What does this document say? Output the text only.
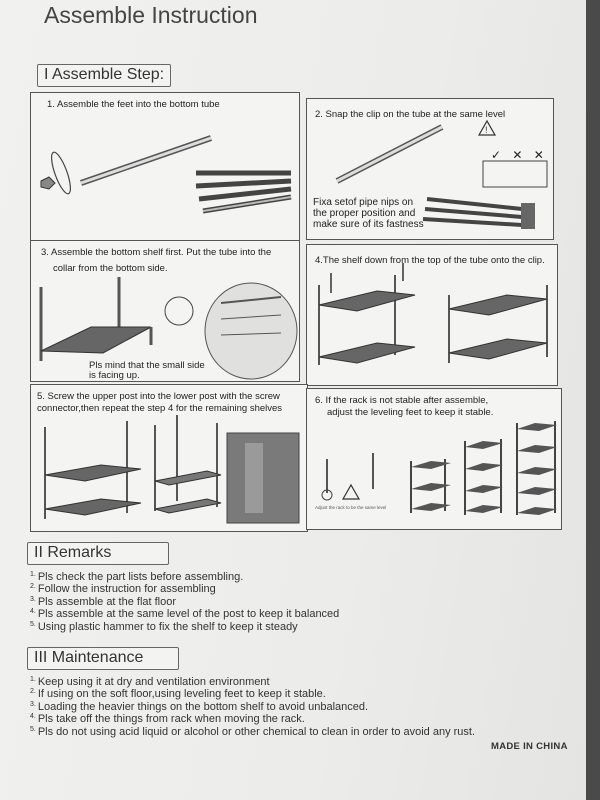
Assemble Instruction
I Assemble Step:
1. Assemble the feet into the bottom tube
2. Snap the clip on the tube at the same level
!
✓ ✕ ✕
Fixa setof pipe nips on
the proper position and
make sure of its fastness
3. Assemble the bottom shelf first. Put the tube into the
collar from the bottom side.
Pls mind that the small side
is facing up.
4.The shelf down from the top of the tube onto the clip.
5. Screw the upper post into the lower post with the screw
connector,then repeat the step 4 for the remaining shelves
6. If the rack is not stable after assemble,
adjust the leveling feet to keep it stable.
Adjust the rack to be the same level
II Remarks
$^{1.}$ Pls check the part lists before assembling.
$^{2.}$ Follow the instruction for assembling
$^{3.}$ Pls assemble at the flat floor
$^{4.}$ Pls assemble at the same level of the post to keep it balanced
$^{5.}$ Using plastic hammer to fix the shelf to keep it steady
III Maintenance
$^{1.}$ Keep using it at dry and ventilation environment
$^{2.}$ If using on the soft floor,using leveling feet to keep it stable.
$^{3.}$ Loading the heavier things on the bottom shelf to avoid unbalanced.
$^{4.}$ Pls take off the things from rack when moving the rack.
$^{5.}$ Pls do not using acid liquid or alcohol or other chemical to clean in order to avoid any rust.
MADE IN CHINA
